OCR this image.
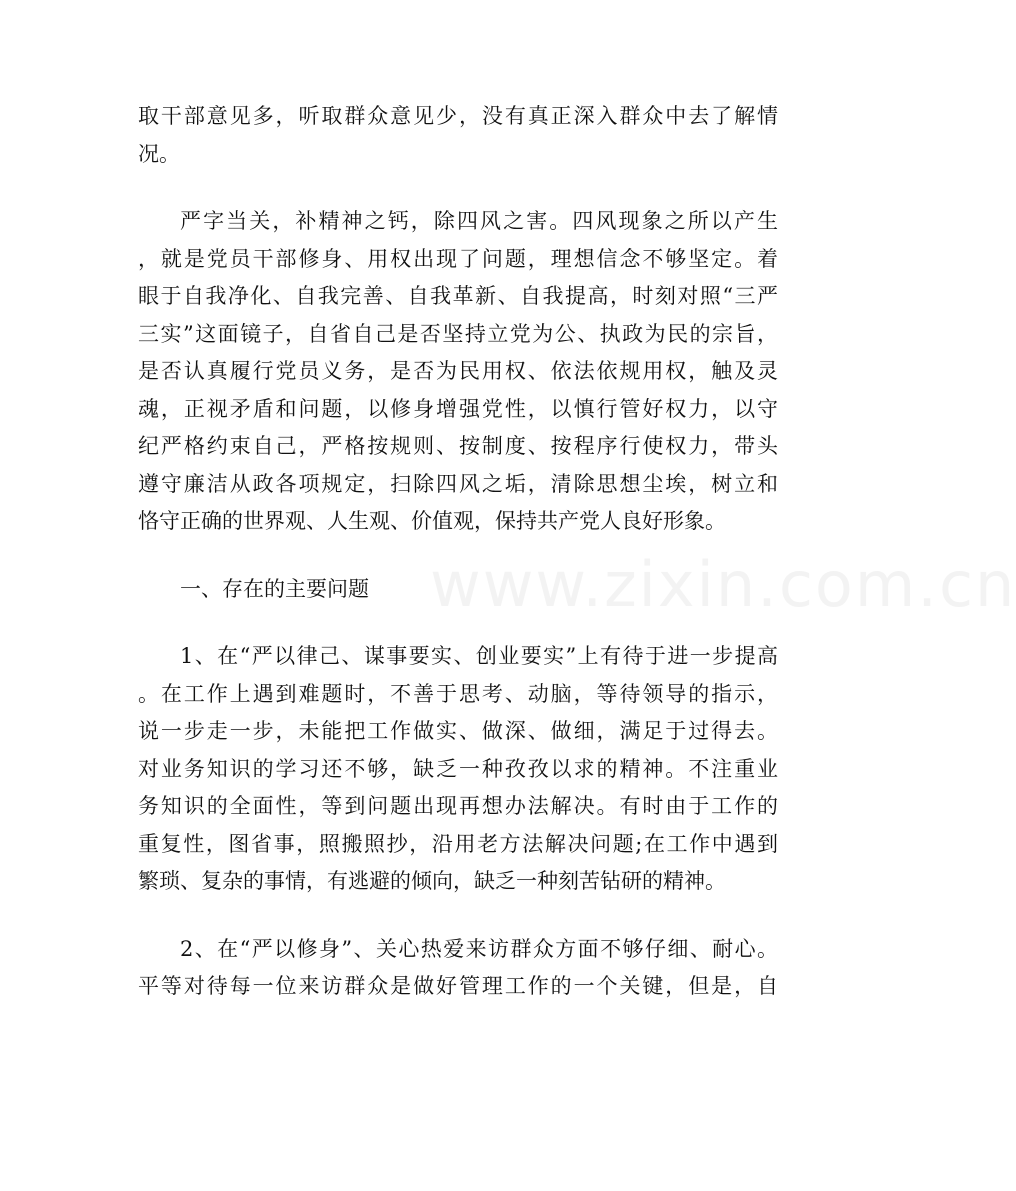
www.zixin.com.cn
取干部意见多，听取群众意见少，没有真正深入群众中去了解情
况。
严字当关，补精神之钙，除四风之害。四风现象之所以产生
，就是党员干部修身、用权出现了问题，理想信念不够坚定。着
眼于自我净化、自我完善、自我革新、自我提高，时刻对照“三严
三实”这面镜子，自省自己是否坚持立党为公、执政为民的宗旨，
是否认真履行党员义务，是否为民用权、依法依规用权，触及灵
魂，正视矛盾和问题，以修身增强党性，以慎行管好权力，以守
纪严格约束自己，严格按规则、按制度、按程序行使权力，带头
遵守廉洁从政各项规定，扫除四风之垢，清除思想尘埃，树立和
恪守正确的世界观、人生观、价值观，保持共产党人良好形象。
一、存在的主要问题
1、在“严以律己、谋事要实、创业要实”上有待于进一步提高
。在工作上遇到难题时，不善于思考、动脑，等待领导的指示，
说一步走一步，未能把工作做实、做深、做细，满足于过得去。
对业务知识的学习还不够，缺乏一种孜孜以求的精神。不注重业
务知识的全面性，等到问题出现再想办法解决。有时由于工作的
重复性，图省事，照搬照抄，沿用老方法解决问题;在工作中遇到
繁琐、复杂的事情，有逃避的倾向，缺乏一种刻苦钻研的精神。
2、在“严以修身”、关心热爱来访群众方面不够仔细、耐心。
平等对待每一位来访群众是做好管理工作的一个关键，但是，自
